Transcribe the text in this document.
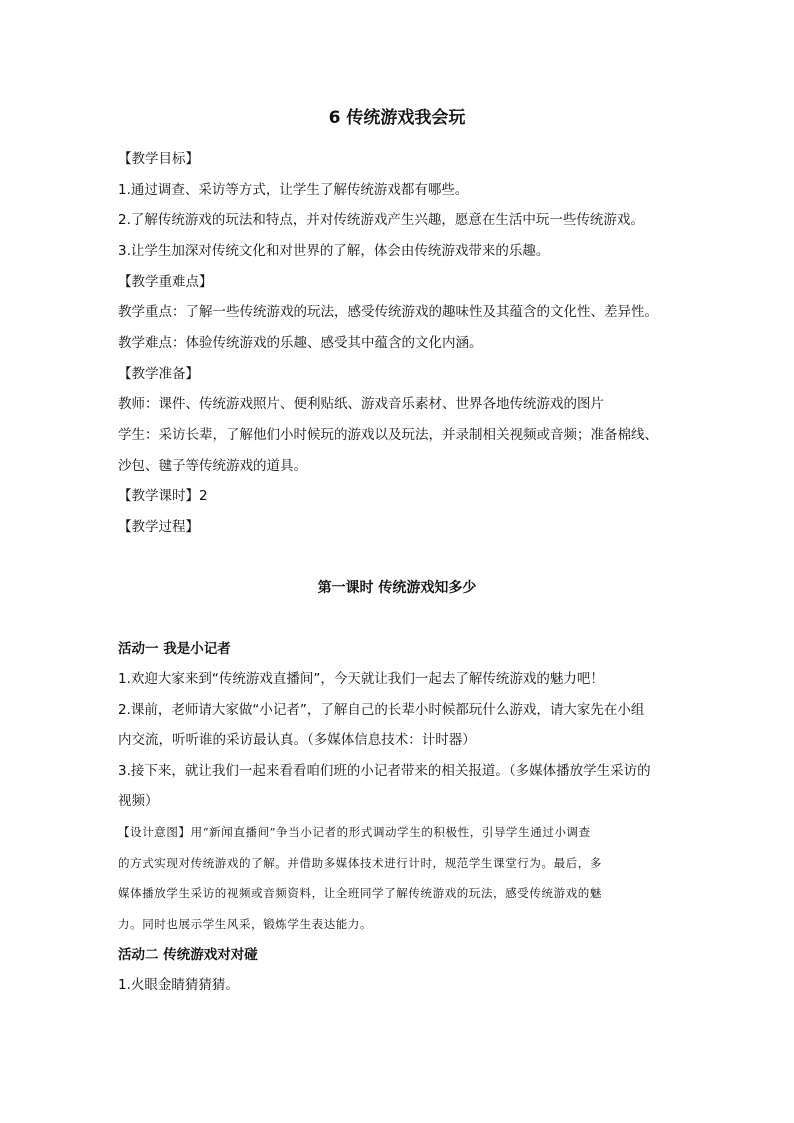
6 传统游戏我会玩
【教学目标】
1.通过调查、采访等方式，让学生了解传统游戏都有哪些。
2.了解传统游戏的玩法和特点，并对传统游戏产生兴趣，愿意在生活中玩一些传统游戏。
3.让学生加深对传统文化和对世界的了解，体会由传统游戏带来的乐趣。
【教学重难点】
教学重点：了解一些传统游戏的玩法，感受传统游戏的趣味性及其蕴含的文化性、差异性。
教学难点：体验传统游戏的乐趣、感受其中蕴含的文化内涵。
【教学准备】
教师：课件、传统游戏照片、便利贴纸、游戏音乐素材、世界各地传统游戏的图片
学生：采访长辈，了解他们小时候玩的游戏以及玩法，并录制相关视频或音频；准备棉线、
沙包、毽子等传统游戏的道具。
【教学课时】2
【教学过程】
第一课时 传统游戏知多少
活动一 我是小记者
1.欢迎大家来到“传统游戏直播间”，今天就让我们一起去了解传统游戏的魅力吧！
2.课前，老师请大家做“小记者”，了解自己的长辈小时候都玩什么游戏，请大家先在小组
内交流，听听谁的采访最认真。（多媒体信息技术：计时器）
3.接下来，就让我们一起来看看咱们班的小记者带来的相关报道。（多媒体播放学生采访的
视频）
【设计意图】用“新闻直播间”争当小记者的形式调动学生的积极性，引导学生通过小调查
的方式实现对传统游戏的了解。并借助多媒体技术进行计时，规范学生课堂行为。最后，多
媒体播放学生采访的视频或音频资料，让全班同学了解传统游戏的玩法，感受传统游戏的魅
力。同时也展示学生风采，锻炼学生表达能力。
活动二 传统游戏对对碰
1.火眼金睛猜猜猜。
